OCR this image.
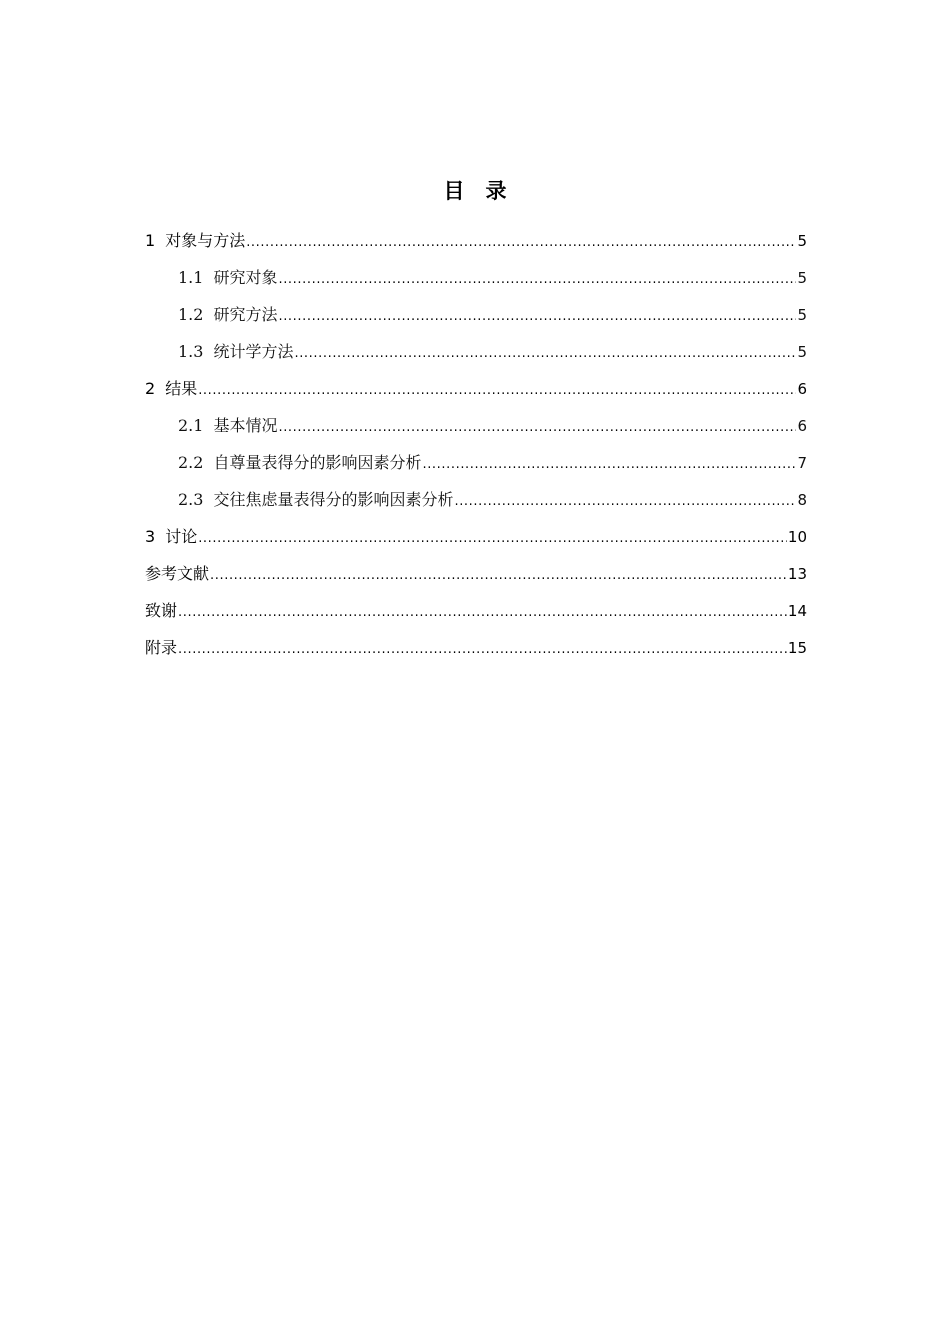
目　录
1 对象与方法 .....	5
1.1 研究对象 .....	5
1.2 研究方法 .....	5
1.3 统计学方法 .....	5
2 结果 .....	6
2.1 基本情况 .....	6
2.2 自尊量表得分的影响因素分析 .....	7
2.3 交往焦虑量表得分的影响因素分析 .....	8
3 讨论 .....	10
参考文献 .....	13
致谢 .....	14
附录 .....	15
